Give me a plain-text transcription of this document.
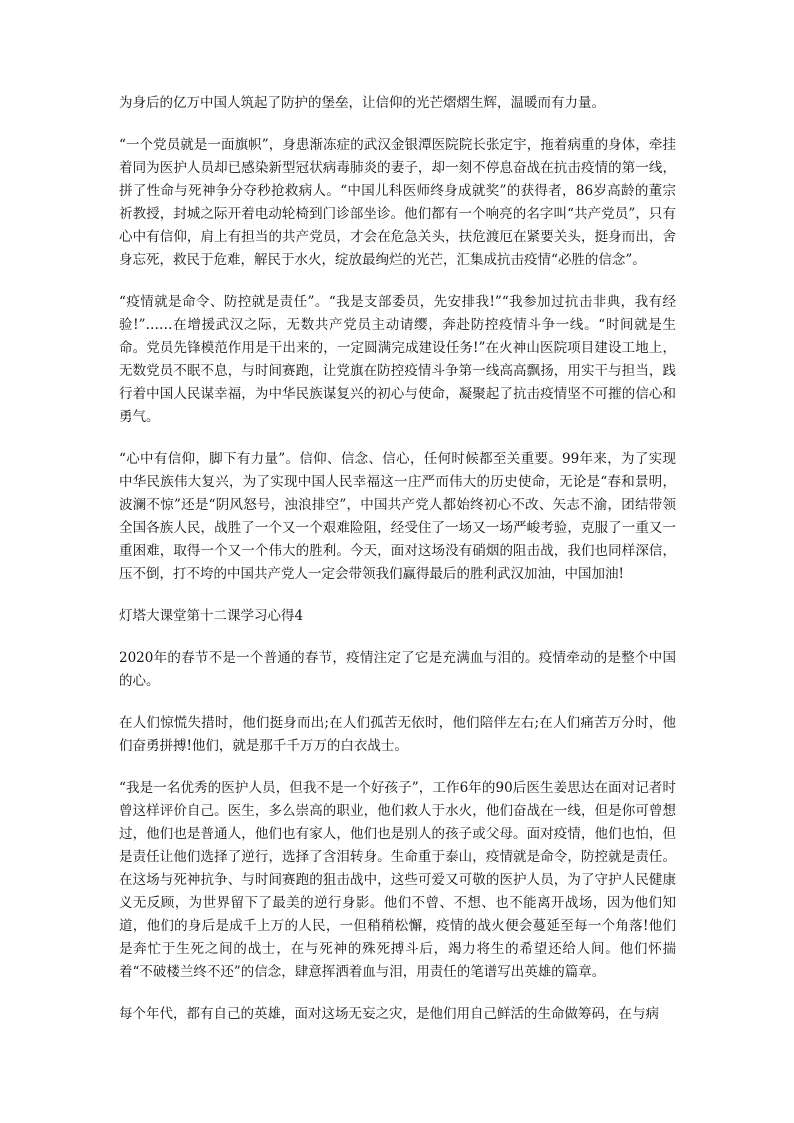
为身后的亿万中国人筑起了防护的堡垒，让信仰的光芒熠熠生辉，温暖而有力量。

“一个党员就是一面旗帜”，身患渐冻症的武汉金银潭医院院长张定宇，拖着病重的身体，牵挂着同为医护人员却已感染新型冠状病毒肺炎的妻子，却一刻不停息奋战在抗击疫情的第一线，拼了性命与死神争分夺秒抢救病人。“中国儿科医师终身成就奖”的获得者，86岁高龄的董宗祈教授，封城之际开着电动轮椅到门诊部坐诊。他们都有一个响亮的名字叫“共产党员”，只有心中有信仰，肩上有担当的共产党员，才会在危急关头，扶危渡厄在紧要关头，挺身而出，舍身忘死，救民于危难，解民于水火，绽放最绚烂的光芒，汇集成抗击疫情“必胜的信念”。

“疫情就是命令、防控就是责任”。“我是支部委员，先安排我!”“我参加过抗击非典，我有经验!”……在增援武汉之际，无数共产党员主动请缨，奔赴防控疫情斗争一线。“时间就是生命。党员先锋模范作用是干出来的，一定圆满完成建设任务!”在火神山医院项目建设工地上，无数党员不眠不息，与时间赛跑，让党旗在防控疫情斗争第一线高高飘扬，用实干与担当，践行着中国人民谋幸福，为中华民族谋复兴的初心与使命，凝聚起了抗击疫情坚不可摧的信心和勇气。

“心中有信仰，脚下有力量”。信仰、信念、信心，任何时候都至关重要。99年来，为了实现中华民族伟大复兴，为了实现中国人民幸福这一庄严而伟大的历史使命，无论是“春和景明，波澜不惊”还是“阴风怒号，浊浪排空”，中国共产党人都始终初心不改、矢志不渝，团结带领全国各族人民，战胜了一个又一个艰难险阻，经受住了一场又一场严峻考验，克服了一重又一重困难，取得一个又一个伟大的胜利。今天，面对这场没有硝烟的阻击战，我们也同样深信，压不倒，打不垮的中国共产党人一定会带领我们赢得最后的胜利武汉加油，中国加油!

灯塔大课堂第十二课学习心得4

2020年的春节不是一个普通的春节，疫情注定了它是充满血与泪的。疫情牵动的是整个中国的心。

在人们惊慌失措时，他们挺身而出;在人们孤苦无依时，他们陪伴左右;在人们痛苦万分时，他们奋勇拼搏!他们，就是那千千万万的白衣战士。

“我是一名优秀的医护人员，但我不是一个好孩子”，工作6年的90后医生姜思达在面对记者时曾这样评价自己。医生，多么崇高的职业，他们救人于水火，他们奋战在一线，但是你可曾想过，他们也是普通人，他们也有家人，他们也是别人的孩子或父母。面对疫情，他们也怕，但是责任让他们选择了逆行，选择了含泪转身。生命重于泰山，疫情就是命令，防控就是责任。在这场与死神抗争、与时间赛跑的狙击战中，这些可爱又可敬的医护人员，为了守护人民健康义无反顾，为世界留下了最美的逆行身影。他们不曾、不想、也不能离开战场，因为他们知道，他们的身后是成千上万的人民，一但稍稍松懈，疫情的战火便会蔓延至每一个角落!他们是奔忙于生死之间的战士，在与死神的殊死搏斗后，竭力将生的希望还给人间。他们怀揣着“不破楼兰终不还”的信念，肆意挥洒着血与泪，用责任的笔谱写出英雄的篇章。

每个年代，都有自己的英雄，面对这场无妄之灾，是他们用自己鲜活的生命做筹码，在与病
